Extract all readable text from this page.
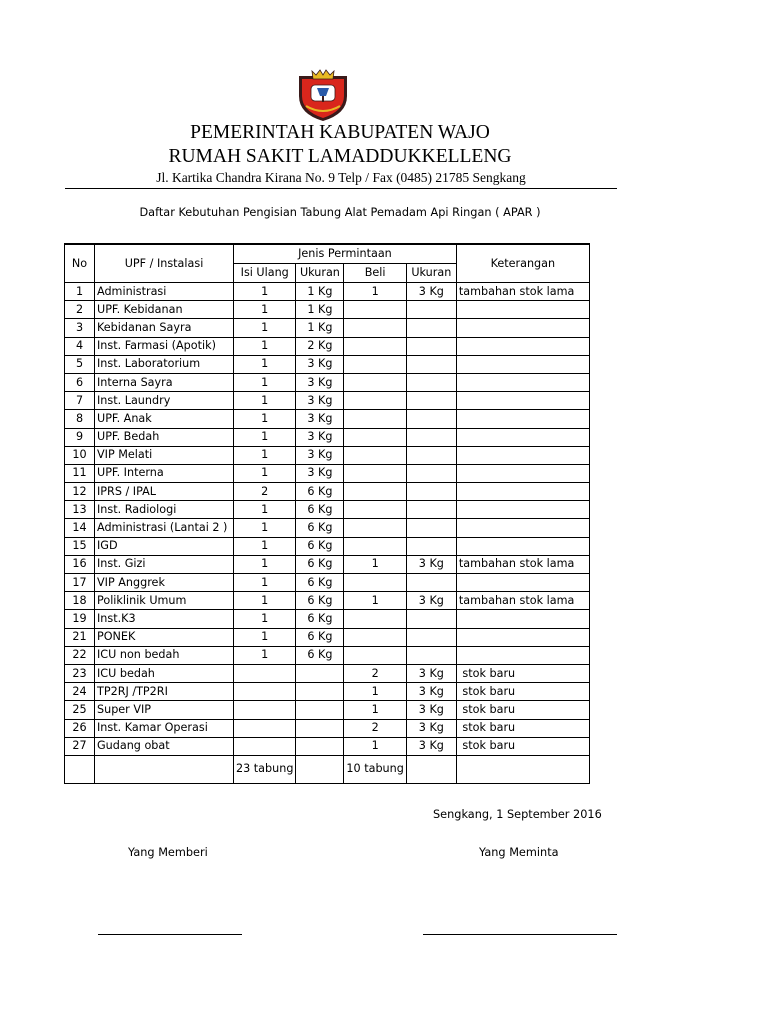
PEMERINTAH KABUPATEN WAJO
RUMAH SAKIT LAMADDUKKELLENG
Jl. Kartika Chandra Kirana No. 9 Telp / Fax (0485) 21785 Sengkang
Daftar Kebutuhan Pengisian Tabung Alat Pemadam Api Ringan ( APAR )
No	UPF / Instalasi	Jenis Permintaan				Keterangan
		Isi Ulang	Ukuran	Beli	Ukuran	
1	Administrasi	1	1 Kg	1	3 Kg	tambahan stok lama
2	UPF. Kebidanan	1	1 Kg			
3	Kebidanan Sayra	1	1 Kg			
4	Inst. Farmasi (Apotik)	1	2 Kg			
5	Inst. Laboratorium	1	3 Kg			
6	Interna Sayra	1	3 Kg			
7	Inst. Laundry	1	3 Kg			
8	UPF. Anak	1	3 Kg			
9	UPF. Bedah	1	3 Kg			
10	VIP Melati	1	3 Kg			
11	UPF. Interna	1	3 Kg			
12	IPRS / IPAL	2	6 Kg			
13	Inst. Radiologi	1	6 Kg			
14	Administrasi (Lantai 2 )	1	6 Kg			
15	IGD	1	6 Kg			
16	Inst. Gizi	1	6 Kg	1	3 Kg	tambahan stok lama
17	VIP Anggrek	1	6 Kg			
18	Poliklinik Umum	1	6 Kg	1	3 Kg	tambahan stok lama
19	Inst.K3	1	6 Kg			
21	PONEK	1	6 Kg			
22	ICU non bedah	1	6 Kg			
23	ICU bedah			2	3 Kg	stok baru
24	TP2RJ /TP2RI			1	3 Kg	stok baru
25	Super VIP			1	3 Kg	stok baru
26	Inst. Kamar Operasi			2	3 Kg	stok baru
27	Gudang obat			1	3 Kg	stok baru
		23 tabung		10 tabung		
Sengkang, 1 September 2016
Yang Memberi	Yang Meminta
